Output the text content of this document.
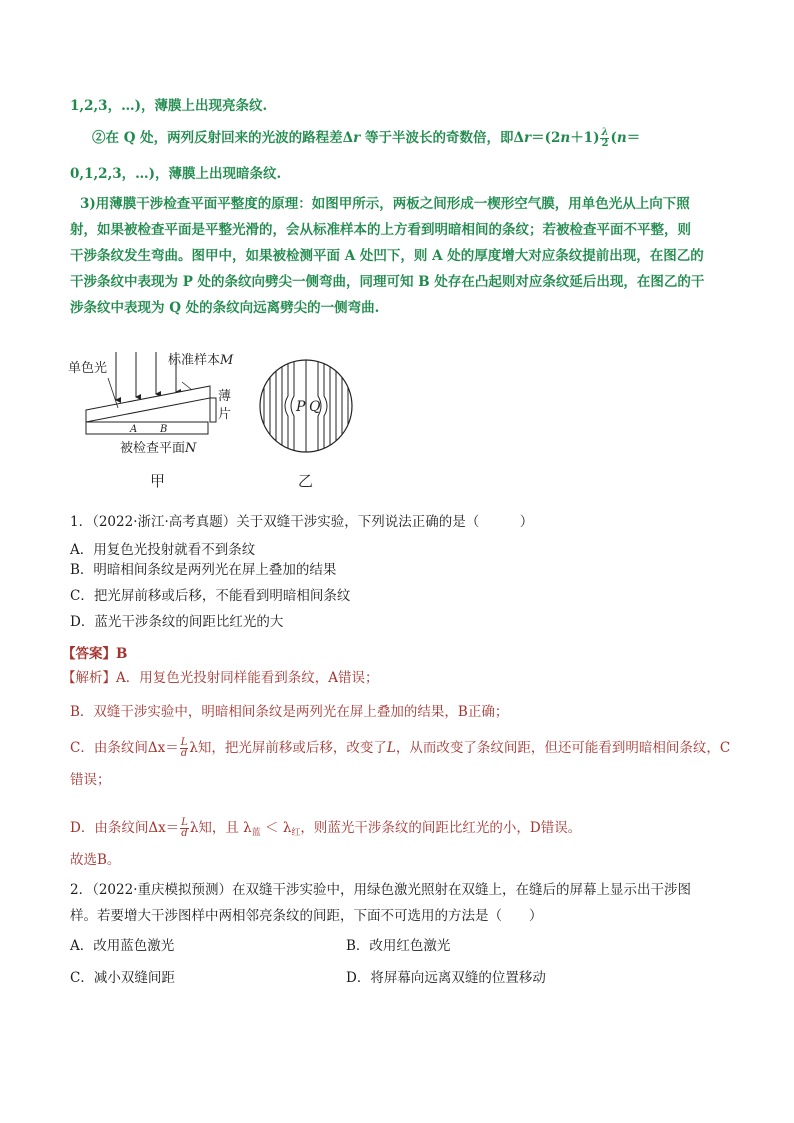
1,2,3，…)，薄膜上出现亮条纹.
②在 Q 处，两列反射回来的光波的路程差Δr 等于半波长的奇数倍，即$\Delta r=(2n+1) \frac{\lambda}{2} (n=$
0,1,2,3，…)，薄膜上出现暗条纹.
3)用薄膜干涉检查平面平整度的原理：如图甲所示，两板之间形成一楔形空气膜，用单色光从上向下照
射，如果被检查平面是平整光滑的，会从标准样本的上方看到明暗相间的条纹；若被检查平面不平整，则
干涉条纹发生弯曲。图甲中，如果被检测平面 A 处凹下，则 A 处的厚度增大对应条纹提前出现，在图乙的
干涉条纹中表现为 P 处的条纹向劈尖一侧弯曲，同理可知 B 处存在凸起则对应条纹延后出现，在图乙的干
涉条纹中表现为 Q 处的条纹向远离劈尖的一侧弯曲.
单色光
标准样本M
薄
片
A B
被检查平面N
甲
P Q
乙
1．（2022·浙江·高考真题）关于双缝干涉实验，下列说法正确的是（　　　）
A．用复色光投射就看不到条纹
B．明暗相间条纹是两列光在屏上叠加的结果
C．把光屏前移或后移，不能看到明暗相间条纹
D．蓝光干涉条纹的间距比红光的大
【答案】B
【解析】A．用复色光投射同样能看到条纹，A错误；
B．双缝干涉实验中，明暗相间条纹是两列光在屏上叠加的结果，B正确；
C．由条纹间$\Delta x= \frac{L}{d}$ λ知，把光屏前移或后移，改变了L，从而改变了条纹间距，但还可能看到明暗相间条纹，C
错误；
D．由条纹间$\Delta x= \frac{L}{d}$ λ知，且 $\lambda_蓝 < \lambda_红$，则蓝光干涉条纹的间距比红光的小，D错误。
故选B。
2．（2022·重庆模拟预测）在双缝干涉实验中，用绿色激光照射在双缝上，在缝后的屏幕上显示出干涉图
样。若要增大干涉图样中两相邻亮条纹的间距，下面不可选用的方法是（　　）
A．改用蓝色激光	B．改用红色激光
C．减小双缝间距	D．将屏幕向远离双缝的位置移动
